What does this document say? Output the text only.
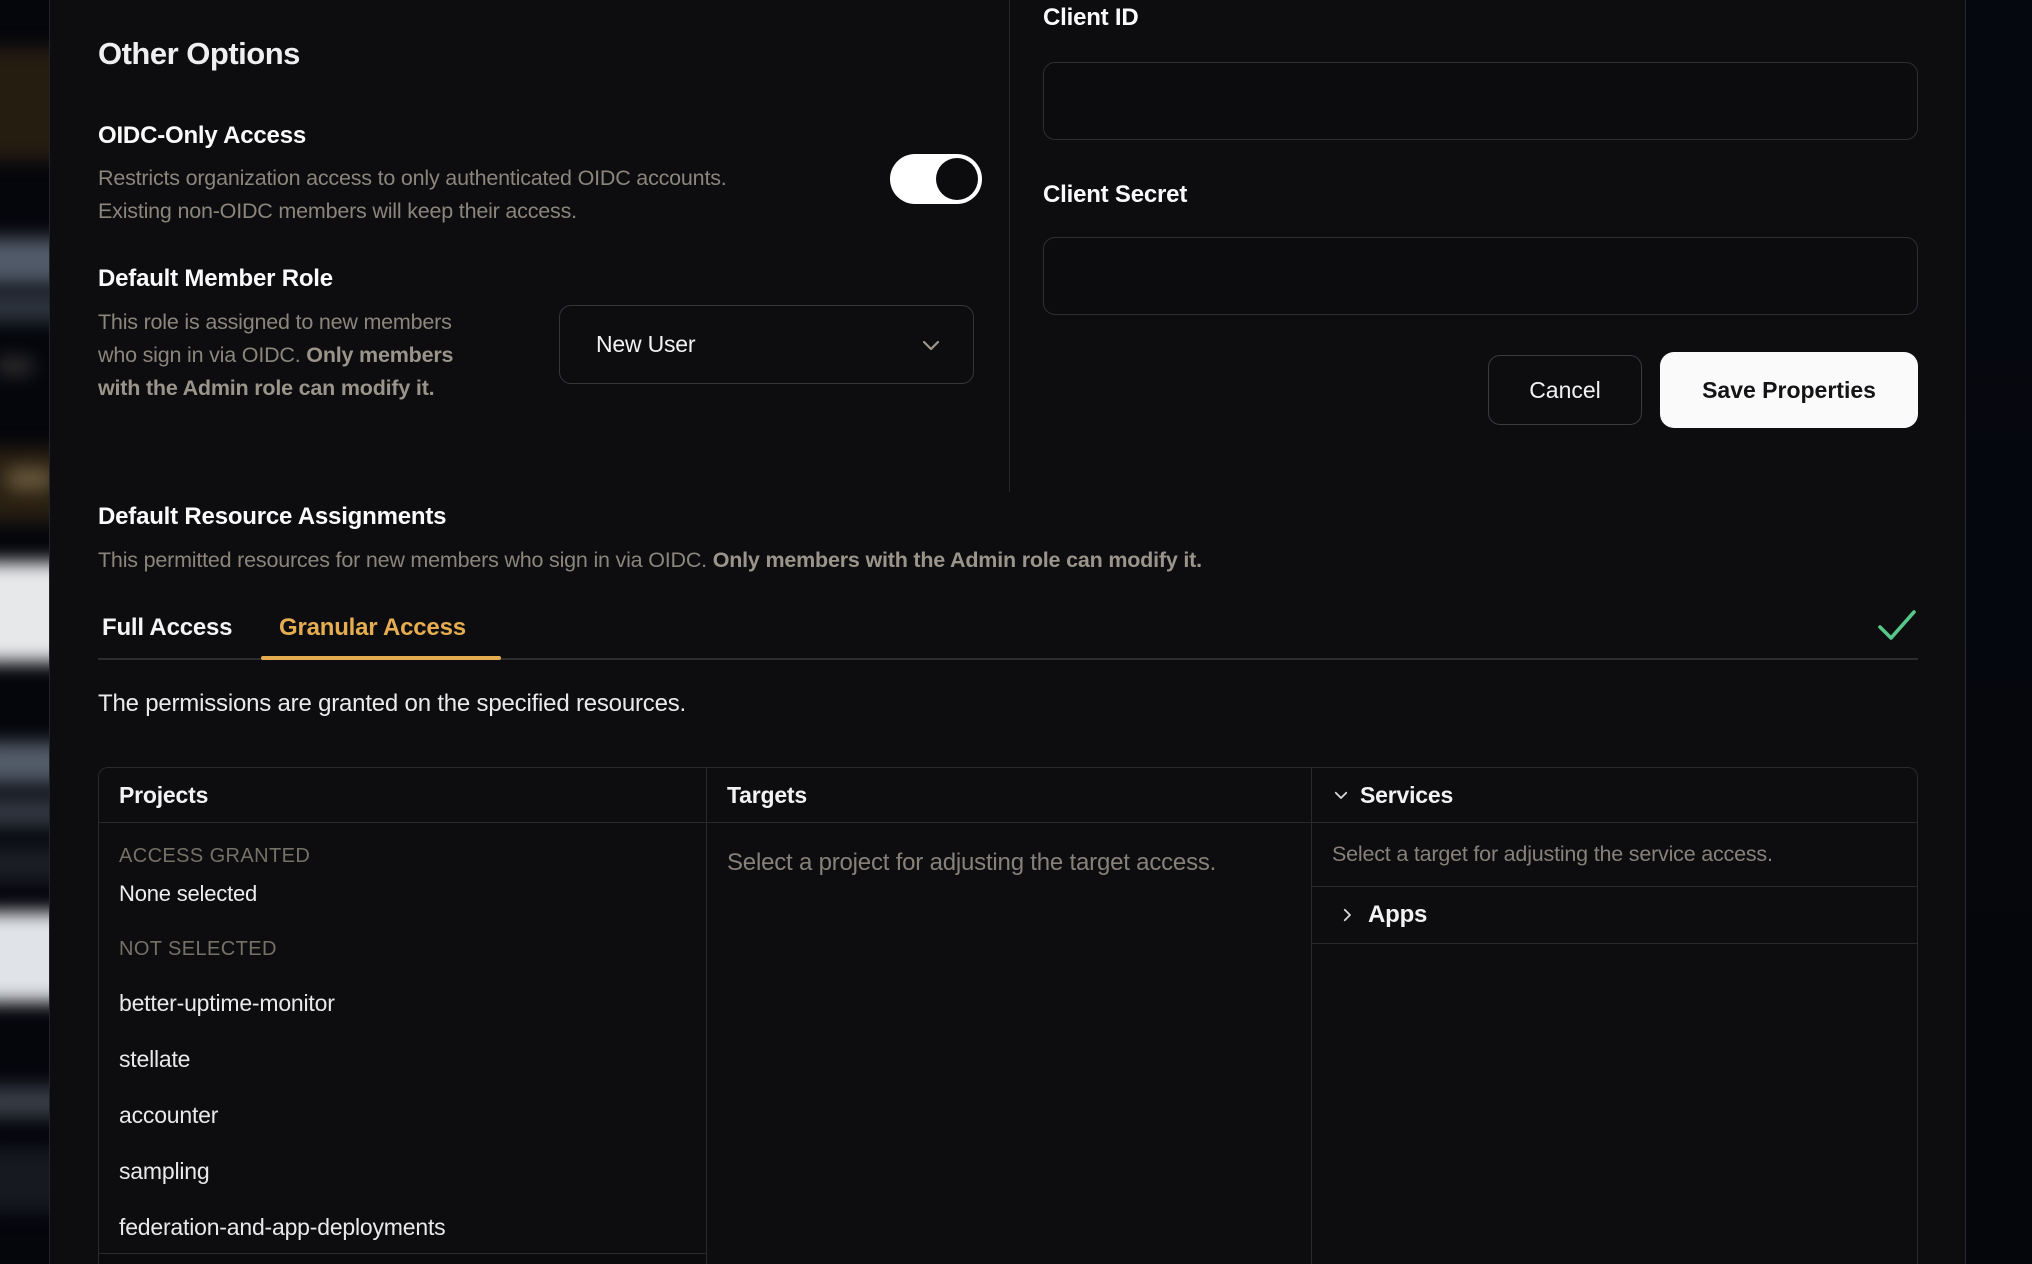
Other Options
OIDC-Only Access
Restricts organization access to only authenticated OIDC accounts.
Existing non-OIDC members will keep their access.
Default Member Role
This role is assigned to new members
who sign in via OIDC. Only members
with the Admin role can modify it.
New User
Client ID
Client Secret
Cancel	Save Properties
Default Resource Assignments
This permitted resources for new members who sign in via OIDC. Only members with the Admin role can modify it.
Full Access Granular Access
The permissions are granted on the specified resources.
Projects	Targets	Services
ACCESS GRANTED
None selected
NOT SELECTED
better-uptime-monitor
stellate
accounter
sampling
federation-and-app-deployments
Select a project for adjusting the target access.	Select a target for adjusting the service access.
Apps
